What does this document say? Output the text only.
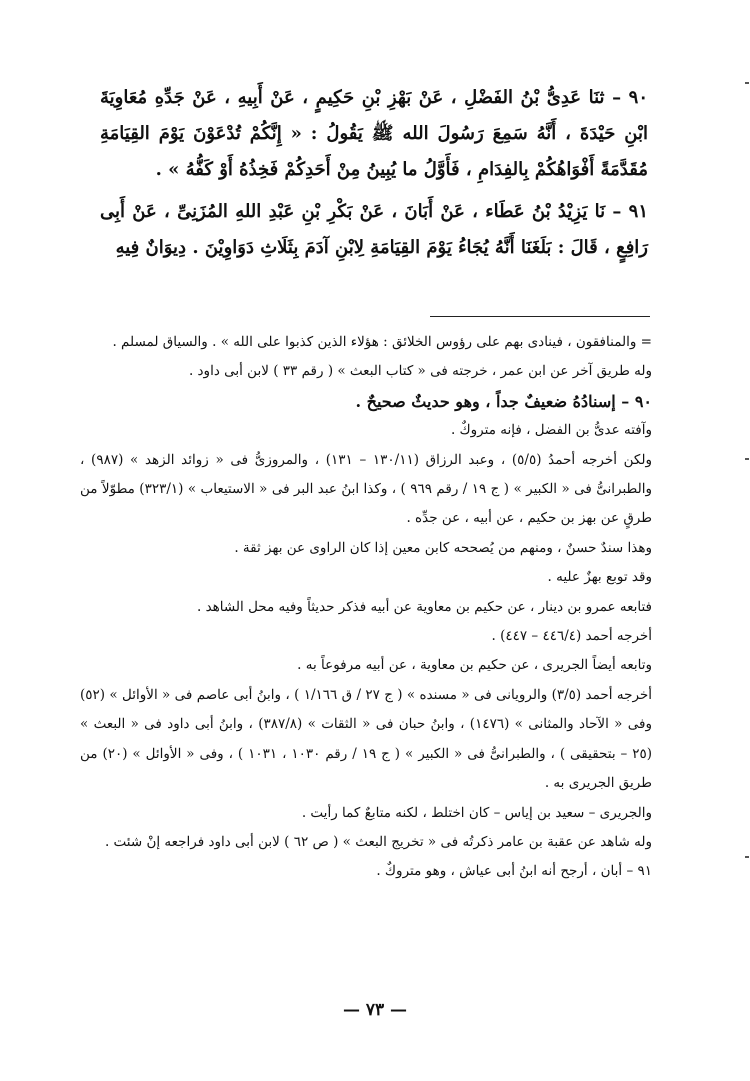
٩٠ – ثنَا عَدِىُّ بْنُ الفَضْلِ ، عَنْ بَهْزِ بْنِ حَكِيمٍ ، عَنْ أَبِيهِ ، عَنْ جَدِّهِ مُعَاوِيَةَ ابْنِ حَيْدَةَ ، أَنَّهُ سَمِعَ رَسُولَ الله ﷺ يَقُولُ : « إِنَّكُمْ تُدْعَوْنَ يَوْمَ القِيَامَةِ مُقَدَّمَةً أَفْوَاهُكُمْ بِالفِدَامِ ، فَأَوَّلُ ما يُبِينُ مِنْ أَحَدِكُمْ فَخِذُهُ أَوْ كَفُّهُ » .

٩١ – نَا يَزِيْدُ بْنُ عَطَاء ، عَنْ أَبَانَ ، عَنْ بَكْرِ بْنِ عَبْدِ اللهِ المُزَنِىِّ ، عَنْ أَبِى رَافِعٍ ، قَالَ : بَلَغَنَا أَنَّهُ يُجَاءُ يَوْمَ القِيَامَةِ لِابْنِ آدَمَ بِثَلَاثِ دَوَاوِيْنَ . دِيوَانٌ فِيهِ

= والمنافقون ، فينادى بهم على رؤوس الخلائق : هؤلاء الذين كذبوا على الله » . والسياق لمسلم .

وله طريق آخر عن ابن عمر ، خرجته فى « كتاب البعث » ( رقم ٣٣ ) لابن أبى داود .

٩٠ – إسنادُهُ ضعيفٌ جداً ، وهو حديثٌ صحيحٌ .

وآفته عدىُّ بن الفضل ، فإنه متروكٌ .

ولكن أخرجه أحمدُ (٥/٥) ، وعبد الرزاق (١٣٠/١١ – ١٣١) ، والمروزىُّ فى « زوائد الزهد » (٩٨٧) ، والطبرانىُّ فى « الكبير » ( ج ١٩ / رقم ٩٦٩ ) ، وكذا ابنُ عبد البر فى « الاستيعاب » (٣٢٣/١) مطوّلاً من طرقٍ عن بهز بن حكيم ، عن أبيه ، عن جدِّه .

وهذا سندٌ حسنٌ ، ومنهم من يُصححه كابن معين إذا كان الراوى عن بهز ثقة .

وقد توبع بهزٌ عليه .

فتابعه عمرو بن دينار ، عن حكيم بن معاوية عن أبيه فذكر حديثاً وفيه محل الشاهد .

أخرجه أحمد (٤٤٦/٤ – ٤٤٧) .

وتابعه أيضاً الجريرى ، عن حكيم بن معاوية ، عن أبيه مرفوعاً به .

أخرجه أحمد (٣/٥) والرويانى فى « مسنده » ( ج ٢٧ / ق ١/١٦٦ ) ، وابنُ أبى عاصم فى « الأوائل » (٥٢) وفى « الآحاد والمثانى » (١٤٧٦) ، وابنُ حبان فى « الثقات » (٣٨٧/٨) ، وابنُ أبى داود فى « البعث » (٢٥ – بتحقيقى ) ، والطبرانىُّ فى « الكبير » ( ج ١٩ / رقم ١٠٣٠ ، ١٠٣١ ) ، وفى « الأوائل » (٢٠) من طريق الجريرى به .

والجريرى – سعيد بن إياس – كان اختلط ، لكنه متابعٌ كما رأيت .

وله شاهد عن عقبة بن عامر ذكرتُه فى « تخريج البعث » ( ص ٦٢ ) لابن أبى داود فراجعه إنْ شئت .

٩١ – أبان ، أرجح أنه ابنُ أبى عياش ، وهو متروكٌ .

— ٧٣ —
